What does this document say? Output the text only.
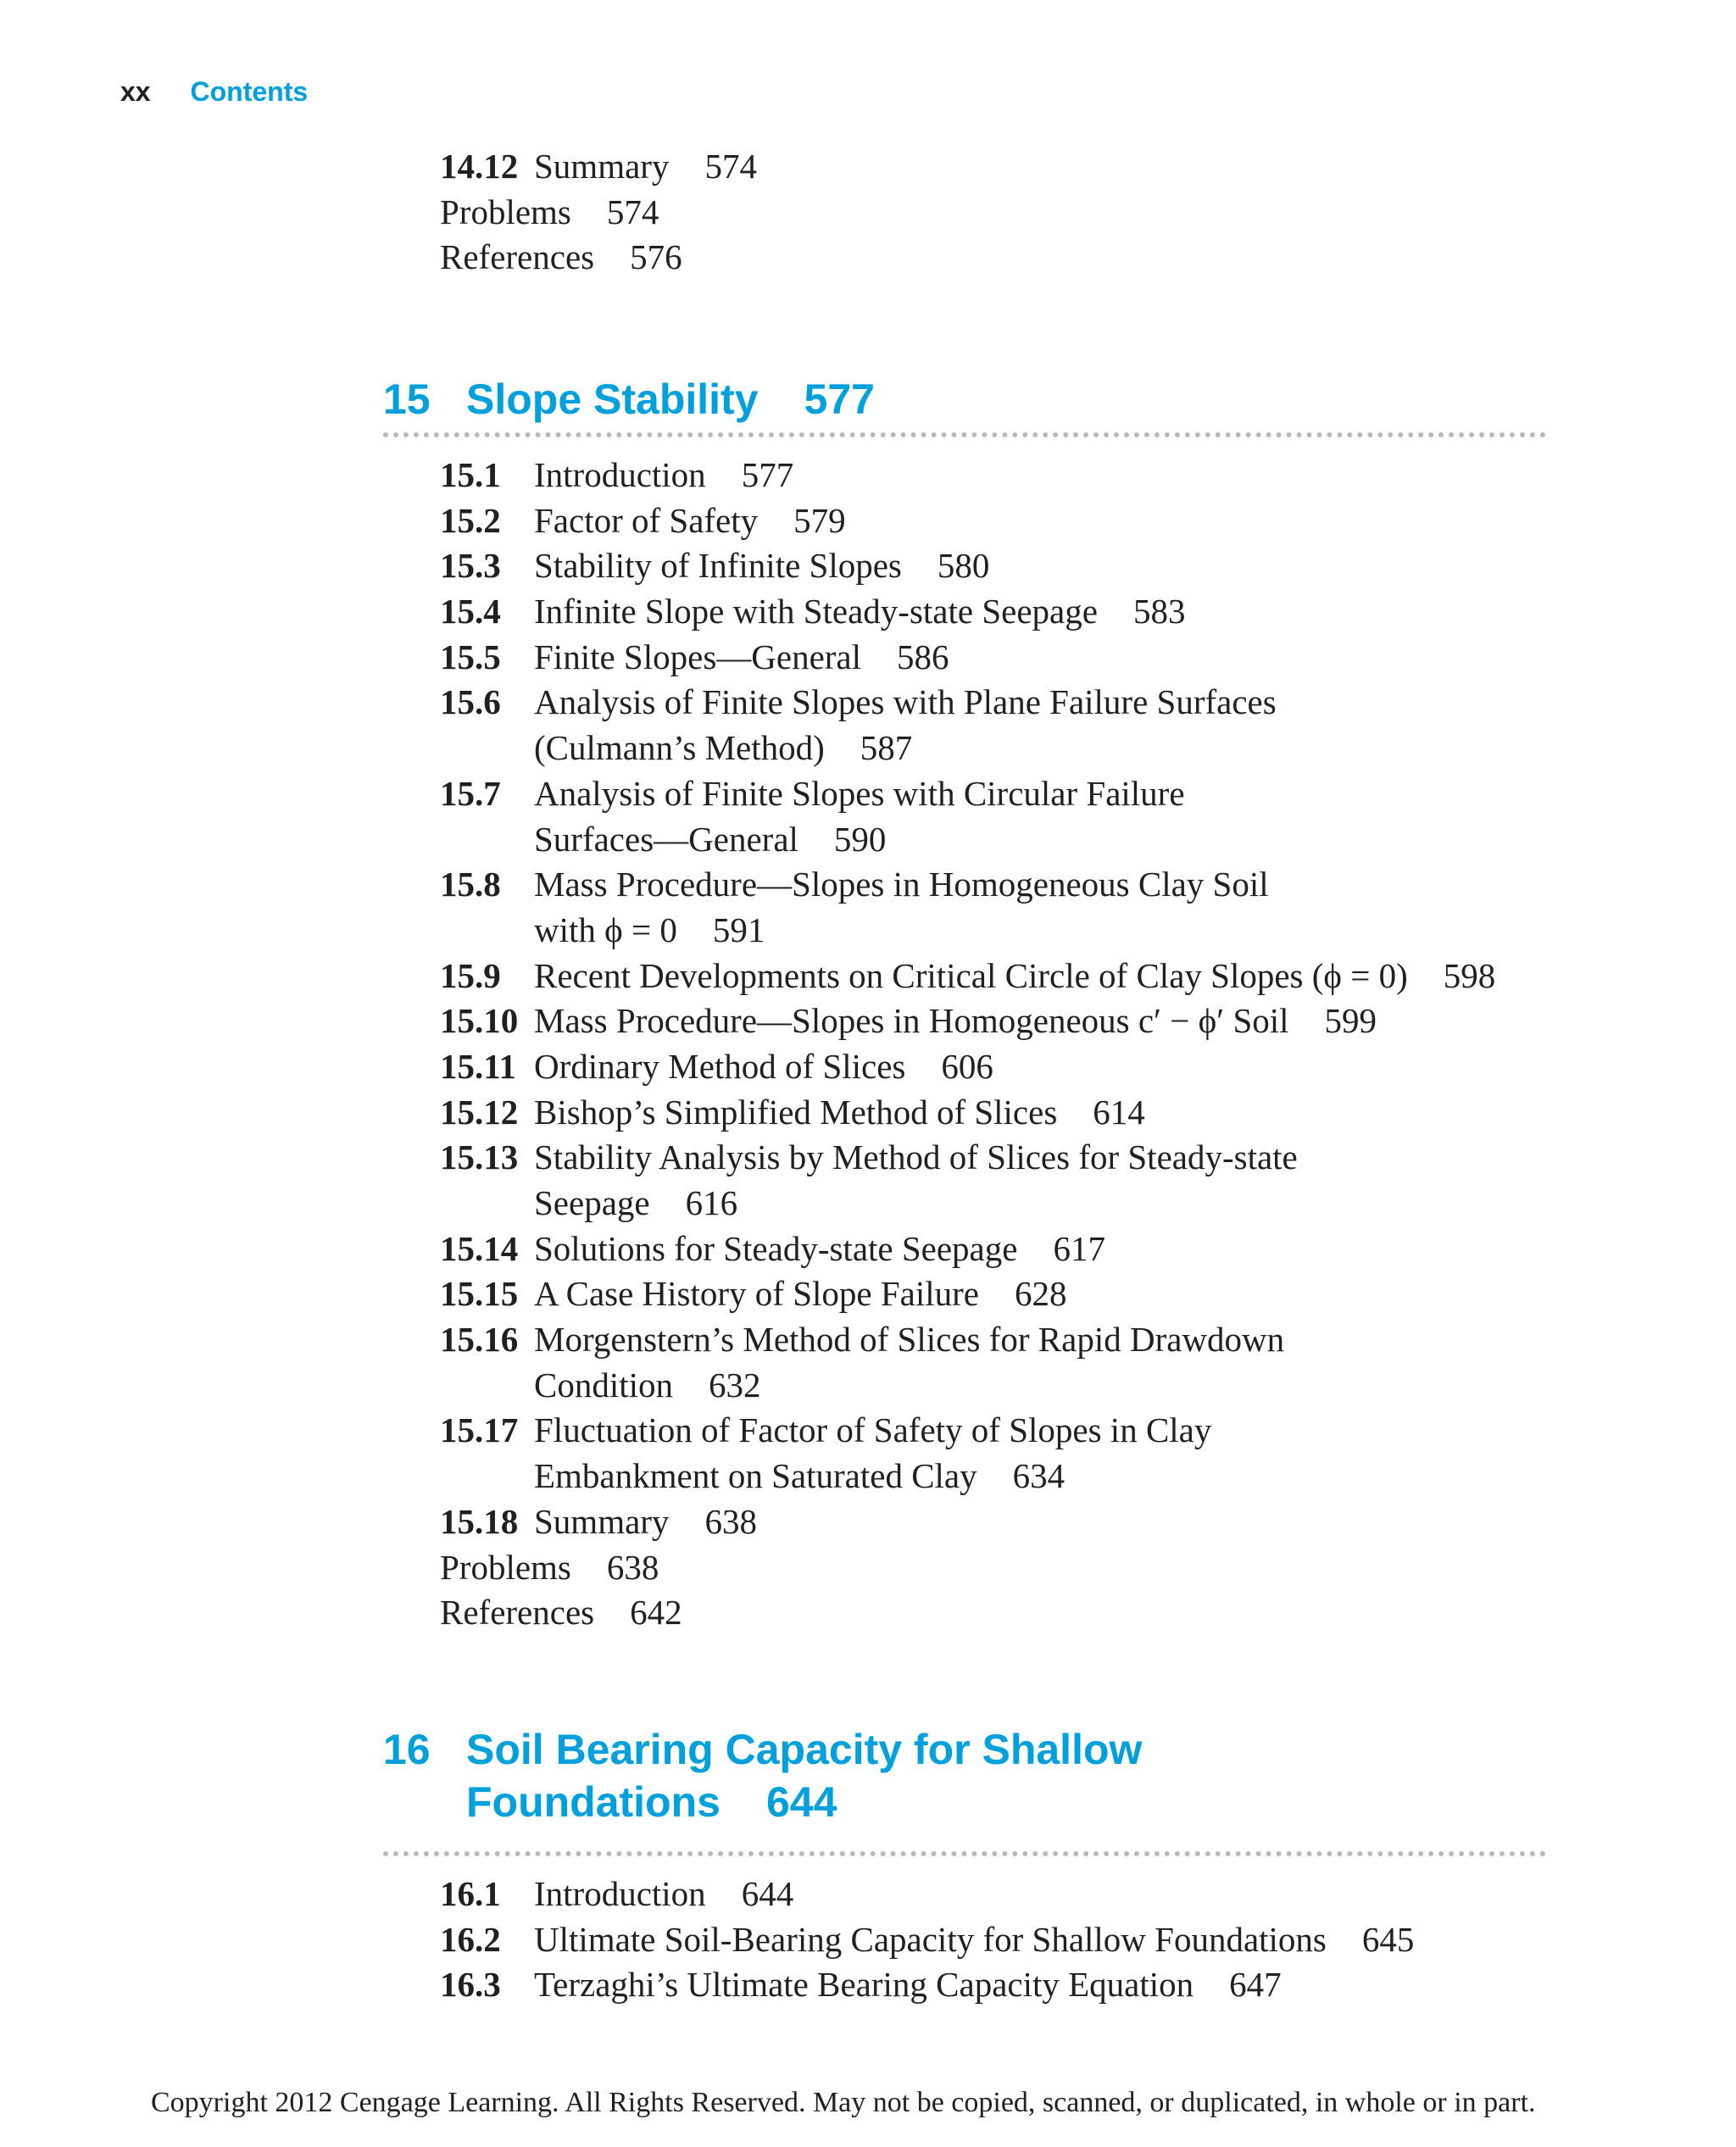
xx Contents
14.12 Summary 574
Problems 574
References 576
15 Slope Stability 577
15.1 Introduction 577
15.2 Factor of Safety 579
15.3 Stability of Infinite Slopes 580
15.4 Infinite Slope with Steady-state Seepage 583
15.5 Finite Slopes—General 586
15.6 Analysis of Finite Slopes with Plane Failure Surfaces
(Culmann’s Method) 587
15.7 Analysis of Finite Slopes with Circular Failure
Surfaces—General 590
15.8 Mass Procedure—Slopes in Homogeneous Clay Soil
with ϕ = 0 591
15.9 Recent Developments on Critical Circle of Clay Slopes (ϕ = 0) 598
15.10 Mass Procedure—Slopes in Homogeneous c′ − ϕ′ Soil 599
15.11 Ordinary Method of Slices 606
15.12 Bishop’s Simplified Method of Slices 614
15.13 Stability Analysis by Method of Slices for Steady-state
Seepage 616
15.14 Solutions for Steady-state Seepage 617
15.15 A Case History of Slope Failure 628
15.16 Morgenstern’s Method of Slices for Rapid Drawdown
Condition 632
15.17 Fluctuation of Factor of Safety of Slopes in Clay
Embankment on Saturated Clay 634
15.18 Summary 638
Problems 638
References 642
16 Soil Bearing Capacity for Shallow
Foundations 644
16.1 Introduction 644
16.2 Ultimate Soil-Bearing Capacity for Shallow Foundations 645
16.3 Terzaghi’s Ultimate Bearing Capacity Equation 647
Copyright 2012 Cengage Learning. All Rights Reserved. May not be copied, scanned, or duplicated, in whole or in part.
